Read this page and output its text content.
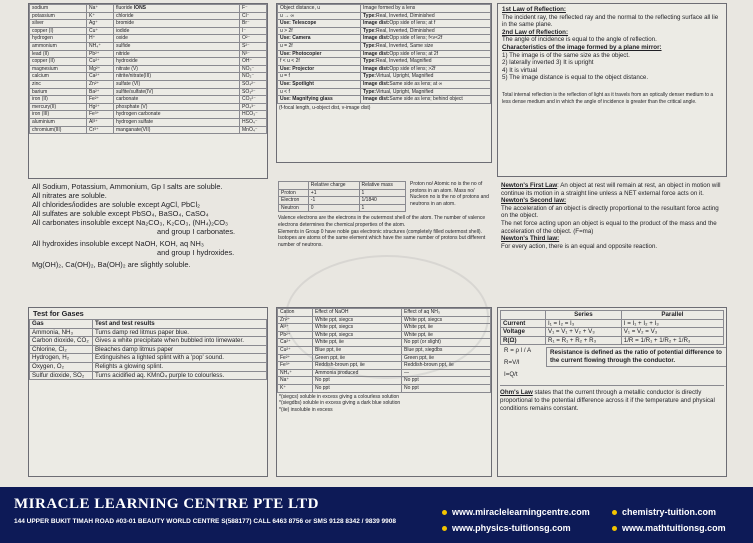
sodium	Na⁺	fluoride IONS	F⁻
potassium	K⁺	chloride	Cl⁻
silver	Ag⁺	bromide	Br⁻
copper (I)	Cu⁺	iodide	I⁻
hydrogen	H⁺	oxide	O²⁻
ammonium	NH₄⁺	sulfide	S²⁻
lead (II)	Pb²⁺	nitride	N³⁻
copper (II)	Cu²⁺	hydroxide	OH⁻
magnesium	Mg²⁺	nitrate (V)	NO₃⁻
calcium	Ca²⁺	nitrite/nitrate(III)	NO₂⁻
zinc	Zn²⁺	sulfate (VI)	SO₄²⁻
barium	Ba²⁺	sulfite/sulfate(IV)	SO₃²⁻
iron (II)	Fe²⁺	carbonate	CO₃²⁻
mercury(II)	Hg²⁺	phosphate (V)	PO₄³⁻
iron (III)	Fe³⁺	hydrogen carbonate	HCO₃⁻
aluminium	Al³⁺	hydrogen sulfate	HSO₄⁻
chromium(III)	Cr³⁺	manganate(VII)	MnO₄⁻
Object distance, u	Image formed by a lens
u → ∞	Type:Real, Inverted, Diminished
Use: Telescope	Image dist:Opp side of lens; at f
u > 2f	Type:Real, Inverted, Diminished
Use: Camera	Image dist:Opp side of lens; f<v<2f
u = 2f	Type:Real, Inverted, Same size
Use: Photocopier	Image dist:Opp side of lens; at 2f
f < u < 2f	Type:Real, Inverted, Magnified
Use: Projector	Image dist:Opp side of lens; >2f
u = f	Type:Virtual, Upright, Magnified
Use: Spotlight	Image dist:Same side as lens; at ∞
u < f	Type:Virtual, Upright, Magnified
Use: Magnifying glass	Image dist:Same side as lens; behind object

(f-focal length, u-object dist, v-image dist)

1st Law of Reflection:

The incident ray, the reflected ray and the normal to the reflecting surface all lie in the same plane.

2nd Law of Reflection:

The angle of incidence is equal to the angle of reflection.

Characteristics of the image formed by a plane mirror:

1) The image is of the same size as the object.

2) laterally inverted 3) It is upright

4) It is virtual

5) The image distance is equal to the object distance.

Total internal reflection is the reflection of light as it travels from an optically denser medium to a less dense medium and in which the angle of incidence is greater than the critical angle.

All Sodium, Potassium, Ammonium, Gp I salts are soluble.

All nitrates are soluble.

All chlorides/iodides are soluble except AgCl, PbCl₂

All sulfates are soluble except PbSO₄, BaSO₄, CaSO₄

All carbonates insoluble except Na₂CO₃, K₂CO₃, (NH₄)₂CO₃

and group I carbonates.

All hydroxides insoluble except NaOH, KOH, aq NH₃

and group I hydroxides.

Mg(OH)₂, Ca(OH)₂, Ba(OH)₂ are slightly soluble.

	Relative charge	Relative mass
Proton	+1	1
Electron	-1	1/1840
Neutron	0	1

Proton no/ Atomic no is the no of protons in an atom. Mass no/ Nucleon no is the no of protons and neutrons in an atom.

Valence electrons are the electrons in the outermost shell of the atom. The number of valence electrons determines the chemical properties of the atom.

Elements in Group 0 have noble gas electronic structures (completely filled outermost shell).

Isotopes are atoms of the same element which have the same number of protons but different number of neutrons.

Newton's First Law: An object at rest will remain at rest, an object in motion will continue its motion in a straight line unless a NET external force acts on it.

Newton's Second law:

The acceleration of an object is directly proportional to the resultant force acting on the object.

The net force acting upon an object is equal to the product of the mass and the acceleration of the object. (F=ma)

Newton's Third law:

For every action, there is an equal and opposite reaction.

Test for Gases

Gas	Test and test results
Ammonia, NH₃	Turns damp red litmus paper blue.
Carbon dioxide, CO₂	Gives a white precipitate when bubbled into limewater.
Chlorine, Cl₂	Bleaches damp litmus paper
Hydrogen, H₂	Extinguishes a lighted splint with a 'pop' sound.
Oxygen, O₂	Relights a glowing splint.
Sulfur dioxide, SO₂	Turns acidified aq. KMnO₄ purple to colourless.
Cation	Effect of NaOH	Effect of aq NH₃
Zn²⁺	White ppt, siegcs	White ppt, siegcs
Al³⁺	White ppt, siegcs	White ppt, iie
Pb²⁺	White ppt, siegcs	White ppt, iie
Ca²⁺	White ppt, iie	No ppt (or slight)
Cu²⁺	Blue ppt, iie	Blue ppt, siegdbs
Fe²⁺	Green ppt, iie	Green ppt, iie
Fe³⁺	Reddish-brown ppt, iie	Reddish-brown ppt, iie
NH₄⁺	Ammonia produced	—
Na⁺	No ppt	No ppt
K⁺	No ppt	No ppt

*(siegcs) soluble in excess giving a colourless solution

*(siegdbs) soluble in excess giving a dark blue solution

*(iie) insoluble in excess

	Series	Parallel
Current	I₁ = I₂ = I₃	I = I₁ + I₂ + I₃
Voltage	V₁ = V₁ + V₂ + V₃	V₁ = V₂ = V₃
R(Ω)	R₁ = R₁ + R₂ + R₃	1/R = 1/R₁ + 1/R₂ + 1/R₃

R = ρ l / A

R=V/I

I=Q/t

Resistance is defined as the ratio of potential difference to the current flowing through the conductor.

Ohm's Law states that the current through a metallic conductor is directly proportional to the potential difference across it if the temperature and physical conditions remains constant.

MIRACLE LEARNING CENTRE PTE LTD
144 UPPER BUKIT TIMAH ROAD #03-01 BEAUTY WORLD CENTRE S(588177) CALL 6463 8756 or SMS 9128 8342 / 9839 9908
www.miraclelearningcentre.com	chemistry-tuition.com
www.physics-tuitionsg.com	www.mathtuitionsg.com
